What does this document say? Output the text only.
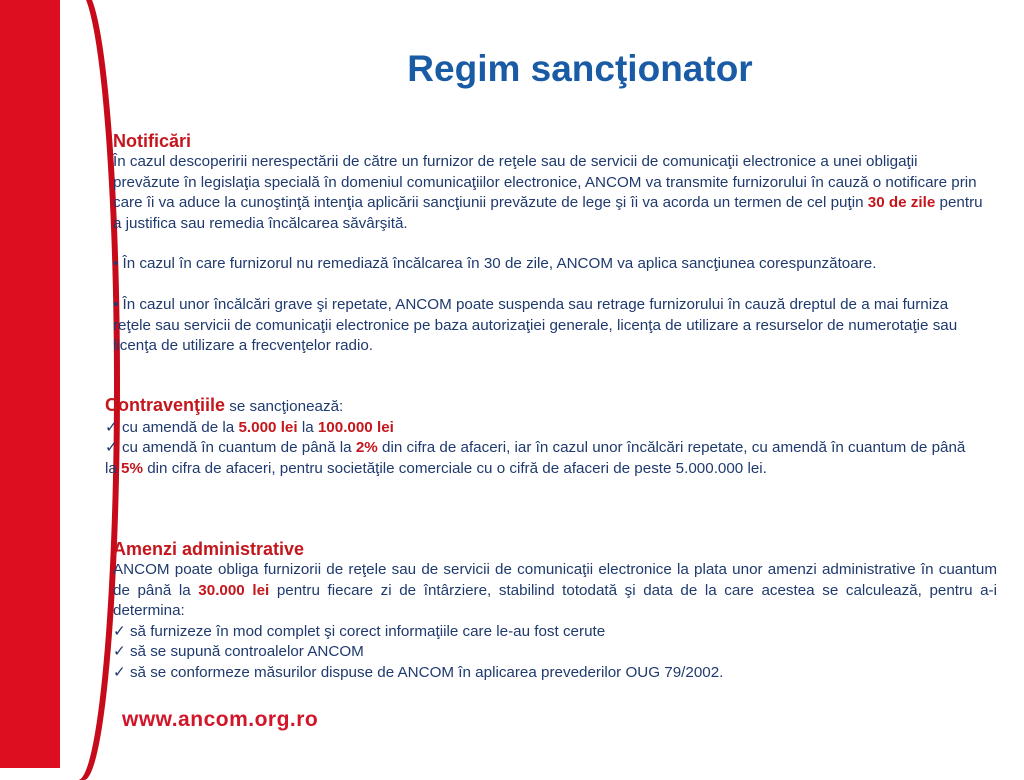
Regim sancţionator

Notificări

În cazul descoperirii nerespectării de către un furnizor de reţele sau de servicii de comunicaţii electronice a unei obligaţii prevăzute în legislaţia specială în domeniul comunicaţiilor electronice, ANCOM va transmite furnizorului în cauză o notificare prin care îi va aduce la cunoştinţă intenţia aplicării sancţiunii prevăzute de lege şi îi va acorda un termen de cel puţin 30 de zile pentru a justifica sau remedia încălcarea săvârşită.

• În cazul în care furnizorul nu remediază încălcarea în 30 de zile, ANCOM va aplica sancţiunea corespunzătoare.

• În cazul unor încălcări grave şi repetate, ANCOM poate suspenda sau retrage furnizorului în cauză dreptul de a mai furniza reţele sau servicii de comunicaţii electronice pe baza autorizaţiei generale, licenţa de utilizare a resurselor de numerotaţie sau licenţa de utilizare a frecvenţelor radio.

Contravenţiile se sancţionează:

✓ cu amendă de la 5.000 lei la 100.000 lei

✓ cu amendă în cuantum de până la 2% din cifra de afaceri, iar în cazul unor încălcări repetate, cu amendă în cuantum de până la 5% din cifra de afaceri, pentru societăţile comerciale cu o cifră de afaceri de peste 5.000.000 lei.

Amenzi administrative

ANCOM poate obliga furnizorii de reţele sau de servicii de comunicaţii electronice la plata unor amenzi administrative în cuantum de până la 30.000 lei pentru fiecare zi de întârziere, stabilind totodată şi data de la care acestea se calculează, pentru a-i determina:

✓ să furnizeze în mod complet şi corect informaţiile care le-au fost cerute

✓ să se supună controalelor ANCOM

✓ să se conformeze măsurilor dispuse de ANCOM în aplicarea prevederilor OUG 79/2002.

www.ancom.org.ro
